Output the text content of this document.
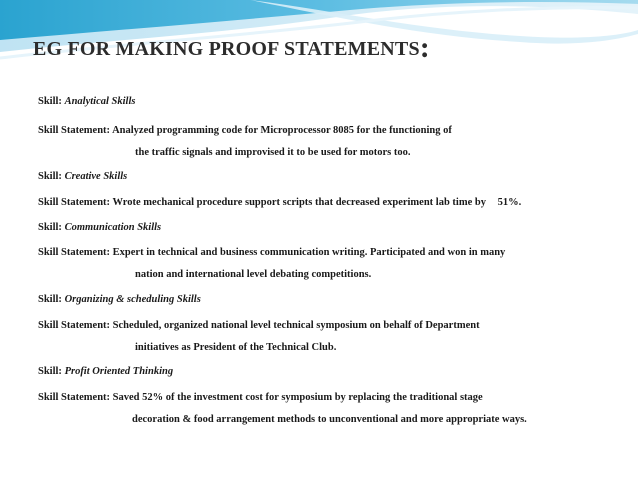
EG FOR MAKING PROOF STATEMENTS:
Skill: Analytical Skills
Skill Statement: Analyzed programming code for Microprocessor 8085 for the functioning of
the traffic signals and improvised it to be used for motors too.
Skill: Creative Skills
Skill Statement: Wrote mechanical procedure support scripts that decreased experiment lab time by 51%.
Skill: Communication Skills
Skill Statement: Expert in technical and business communication writing. Participated and won in many
nation and international level debating competitions.
Skill: Organizing & scheduling Skills
Skill Statement: Scheduled, organized national level technical symposium on behalf of Department
initiatives as President of the Technical Club.
Skill: Profit Oriented Thinking
Skill Statement: Saved 52% of the investment cost for symposium by replacing the traditional stage
decoration & food arrangement methods to unconventional and more appropriate ways.
